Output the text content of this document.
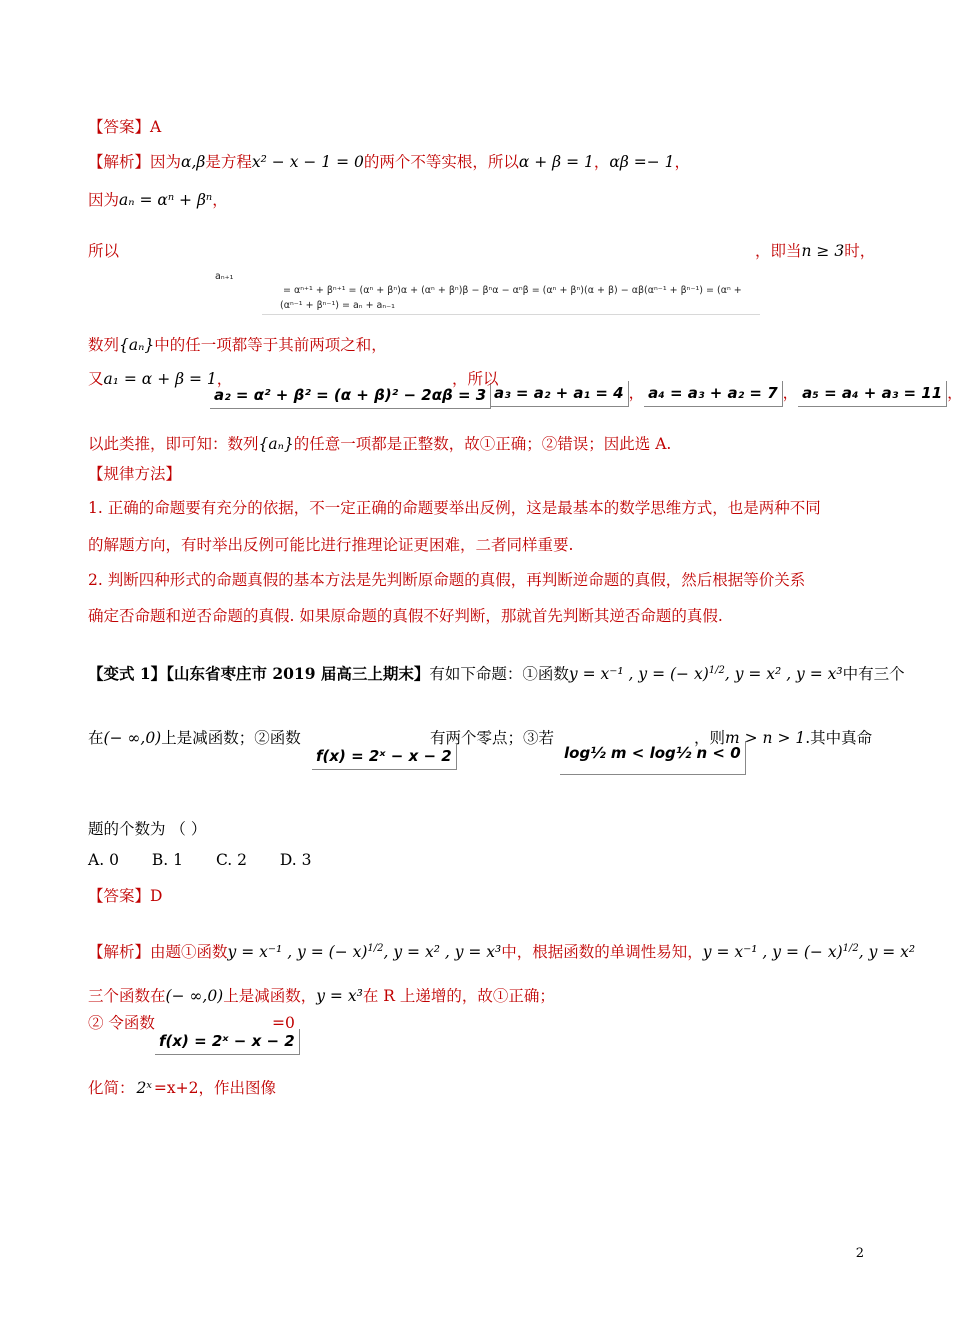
【答案】A
【解析】因为α,β是方程x² − x − 1 = 0的两个不等实根，所以α + β = 1，αβ =− 1，
因为aₙ = αⁿ + βⁿ，
所以	，即当n ≥ 3时，
aₙ₊₁
= αⁿ⁺¹ + βⁿ⁺¹ = (αⁿ + βⁿ)α + (αⁿ + βⁿ)β − βⁿα − αⁿβ = (αⁿ + βⁿ)(α + β) − αβ(αⁿ⁻¹ + βⁿ⁻¹) = (αⁿ +
(αⁿ⁻¹ + βⁿ⁻¹) = aₙ + aₙ₋₁
数列{aₙ}中的任一项都等于其前两项之和，
又a₁ = α + β = 1，
a₂ = α² + β² = (α + β)² − 2αβ = 3
，所以
a₃ = a₂ + a₁ = 4 ， a₄ = a₃ + a₂ = 7 ， a₅ = a₄ + a₃ = 11 ，
以此类推，即可知：数列{aₙ}的任意一项都是正整数，故①正确；②错误；因此选 A.
【规律方法】
1. 正确的命题要有充分的依据，不一定正确的命题要举出反例，这是最基本的数学思维方式，也是两种不同
的解题方向，有时举出反例可能比进行推理论证更困难，二者同样重要.
2. 判断四种形式的命题真假的基本方法是先判断原命题的真假，再判断逆命题的真假，然后根据等价关系
确定否命题和逆否命题的真假. 如果原命题的真假不好判断，那就首先判断其逆否命题的真假.
【变式 1】【山东省枣庄市 2019 届高三上期末】有如下命题：①函数y = x⁻¹ , y = (− x)$^{1/2}$, y = x² , y = x³中有三个
在(− ∞,0)上是减函数；②函数
f(x) = 2ˣ − x − 2
有两个零点；③若
log½ m < log½ n < 0
，则m > n > 1.其中真命
题的个数为 （ ）
A. 0 B. 1 C. 2 D. 3
【答案】D
【解析】由题①函数y = x⁻¹ , y = (− x)$^{1/2}$, y = x² , y = x³中，根据函数的单调性易知，y = x⁻¹ , y = (− x)$^{1/2}$, y = x²
三个函数在(− ∞,0)上是减函数，y = x³在 R 上递增的，故①正确；
② 令函数
f(x) = 2ˣ − x − 2
=0
化简： 2ˣ =x+2，作出图像
2
